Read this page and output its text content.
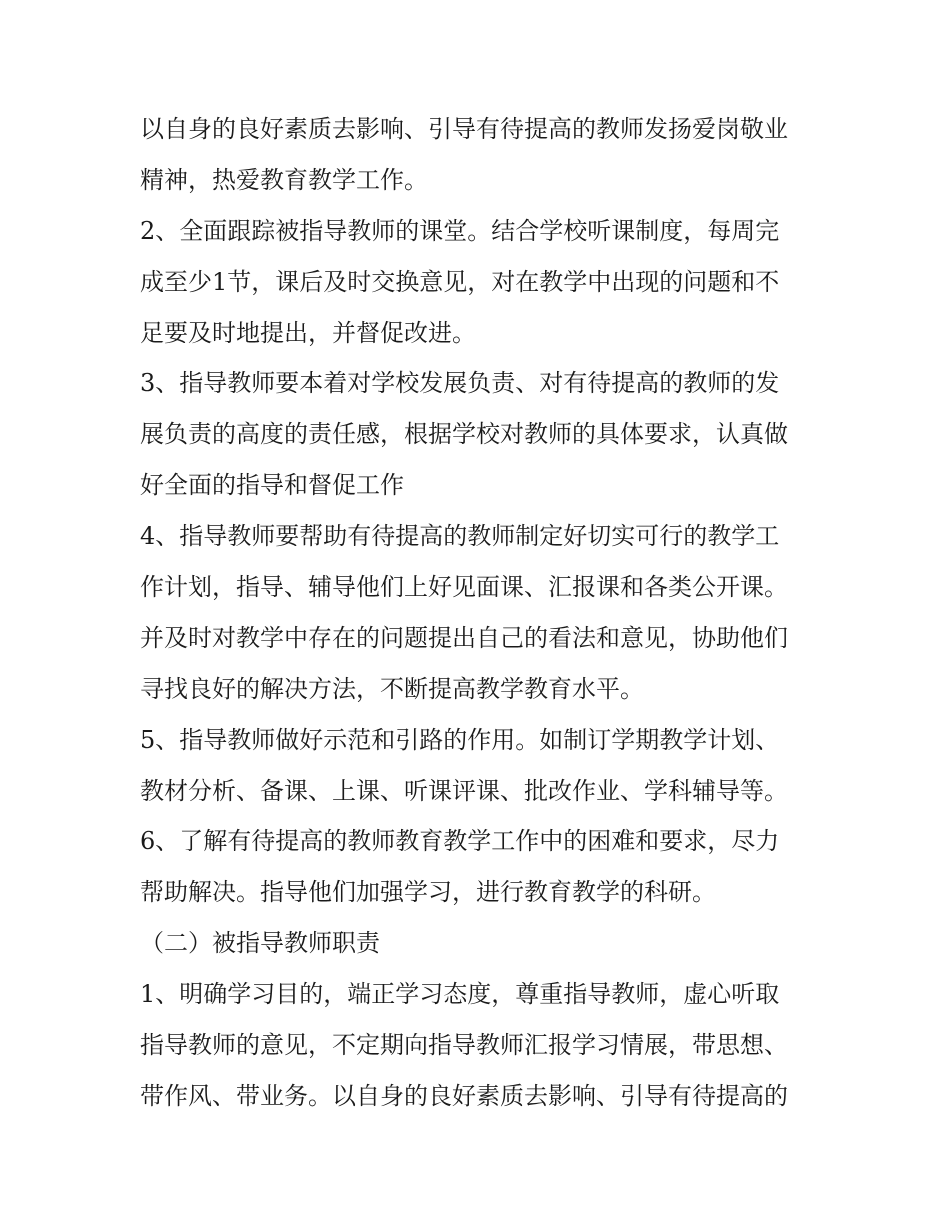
以自身的良好素质去影响、引导有待提高的教师发扬爱岗敬业
精神，热爱教育教学工作。
2、全面跟踪被指导教师的课堂。结合学校听课制度，每周完
成至少1节，课后及时交换意见，对在教学中出现的问题和不
足要及时地提出，并督促改进。
3、指导教师要本着对学校发展负责、对有待提高的教师的发
展负责的高度的责任感，根据学校对教师的具体要求，认真做
好全面的指导和督促工作
4、指导教师要帮助有待提高的教师制定好切实可行的教学工
作计划，指导、辅导他们上好见面课、汇报课和各类公开课。
并及时对教学中存在的问题提出自己的看法和意见，协助他们
寻找良好的解决方法，不断提高教学教育水平。
5、指导教师做好示范和引路的作用。如制订学期教学计划、
教材分析、备课、上课、听课评课、批改作业、学科辅导等。
6、了解有待提高的教师教育教学工作中的困难和要求，尽力
帮助解决。指导他们加强学习，进行教育教学的科研。
（二）被指导教师职责
1、明确学习目的，端正学习态度，尊重指导教师，虚心听取
指导教师的意见，不定期向指导教师汇报学习情展，带思想、
带作风、带业务。以自身的良好素质去影响、引导有待提高的
